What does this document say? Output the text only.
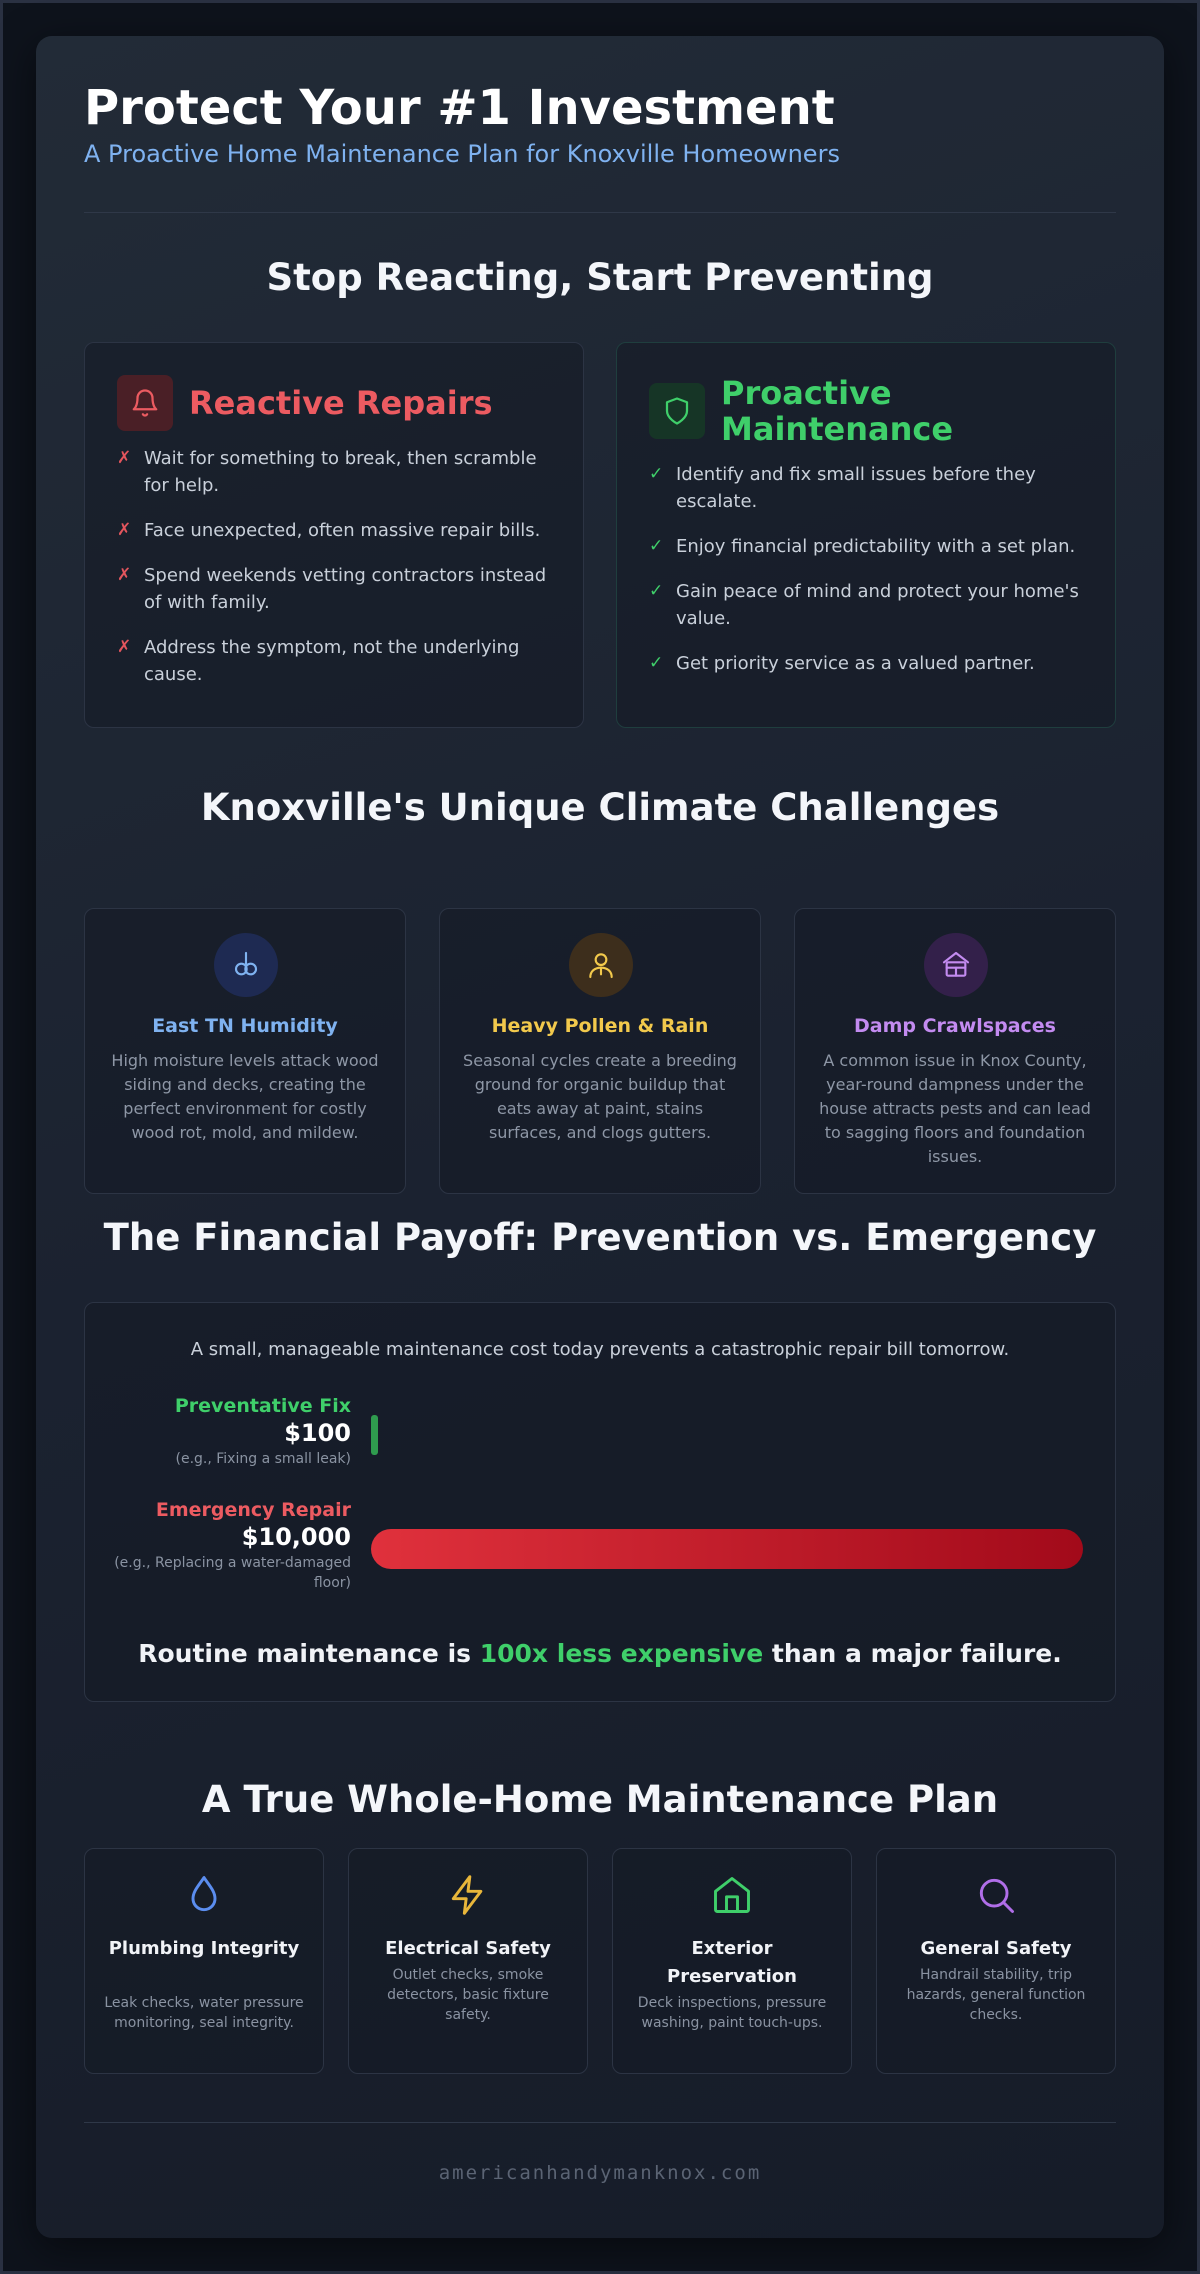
Protect Your #1 Investment
A Proactive Home Maintenance Plan for Knoxville Homeowners
Stop Reacting, Start Preventing
Reactive Repairs
✗ Wait for something to break, then scramble for help.
✗ Face unexpected, often massive repair bills.
✗ Spend weekends vetting contractors instead of with family.
✗ Address the symptom, not the underlying cause.
Proactive Maintenance
✓ Identify and fix small issues before they escalate.
✓ Enjoy financial predictability with a set plan.
✓ Gain peace of mind and protect your home's value.
✓ Get priority service as a valued partner.
Knoxville's Unique Climate Challenges
East TN Humidity
High moisture levels attack wood siding and decks, creating the perfect environment for costly wood rot, mold, and mildew.
Heavy Pollen & Rain
Seasonal cycles create a breeding ground for organic buildup that eats away at paint, stains surfaces, and clogs gutters.
Damp Crawlspaces
A common issue in Knox County, year-round dampness under the house attracts pests and can lead to sagging floors and foundation issues.
The Financial Payoff: Prevention vs. Emergency
A small, manageable maintenance cost today prevents a catastrophic repair bill tomorrow.
Preventative Fix
$100
(e.g., Fixing a small leak)
Emergency Repair
$10,000
(e.g., Replacing a water-damaged floor)
Routine maintenance is 100x less expensive than a major failure.
A True Whole-Home Maintenance Plan
Plumbing Integrity
Leak checks, water pressure monitoring, seal integrity.
Electrical Safety
Outlet checks, smoke detectors, basic fixture safety.
Exterior Preservation
Deck inspections, pressure washing, paint touch-ups.
General Safety
Handrail stability, trip hazards, general function checks.
americanhandymanknox.com
